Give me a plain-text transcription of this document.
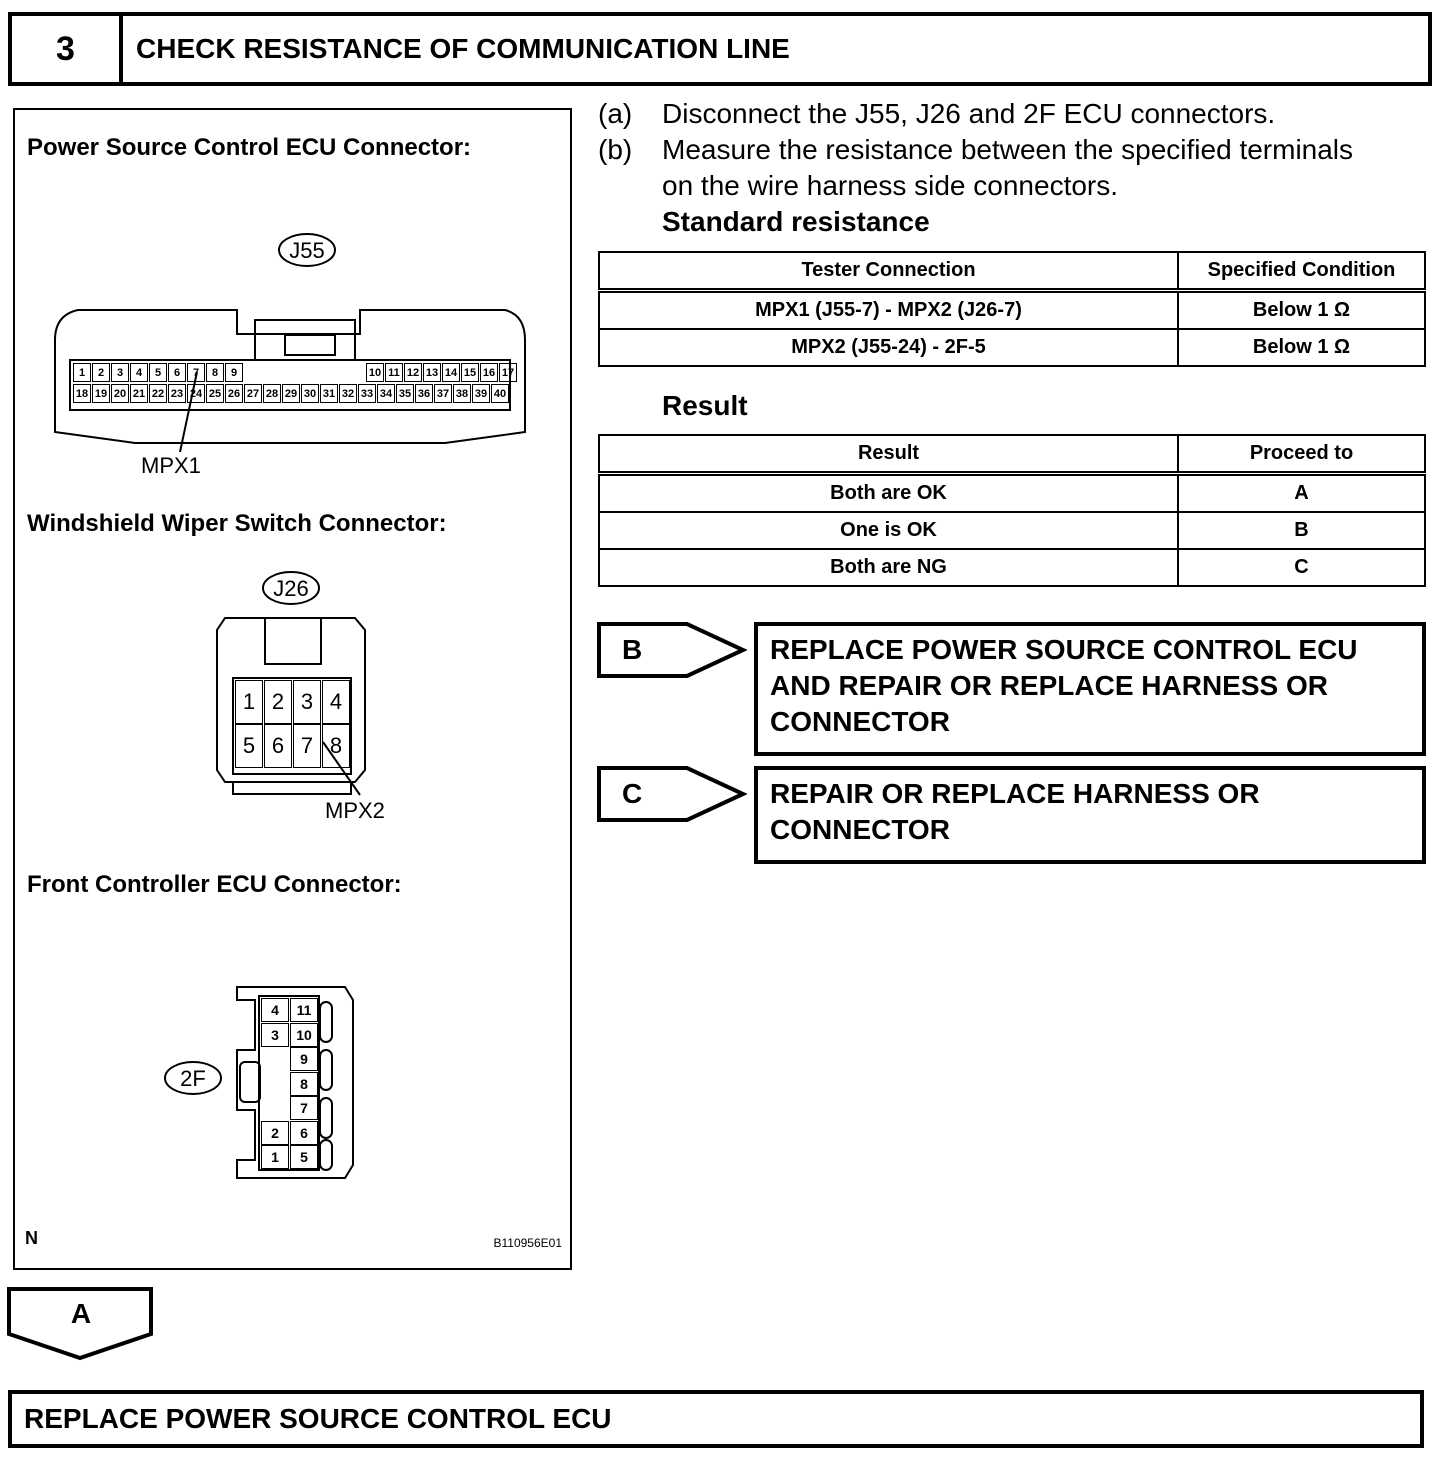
3	CHECK RESISTANCE OF COMMUNICATION LINE
Power Source Control ECU Connector:
Windshield Wiper Switch Connector:
Front Controller ECU Connector:
N	B110956E01
J55
J26
2F
1	2	3	4	5	6	7	8	9	10 11 12 13 14 15 16 17
18 19 20 21 22 23 24 25 26 27 28 29 30 31 32 33 34 35 36 37 38 39 40
MPX1
1 2 3 4
5 6 7 8
MPX2
4	11
3	10
9
8
7
2	6
1	5
(a) Disconnect the J55, J26 and 2F ECU connectors.
(b) Measure the resistance between the specified terminals
on the wire harness side connectors.
Standard resistance
Tester Connection	Specified Condition
MPX1 (J55-7) - MPX2 (J26-7)	Below 1 Ω
MPX2 (J55-24) - 2F-5	Below 1 Ω
Result
Result	Proceed to
Both are OK	A
One is OK	B
Both are NG	C
B	REPLACE POWER SOURCE CONTROL ECU
AND REPAIR OR REPLACE HARNESS OR
CONNECTOR
C	REPAIR OR REPLACE HARNESS OR
CONNECTOR
A
REPLACE POWER SOURCE CONTROL ECU
